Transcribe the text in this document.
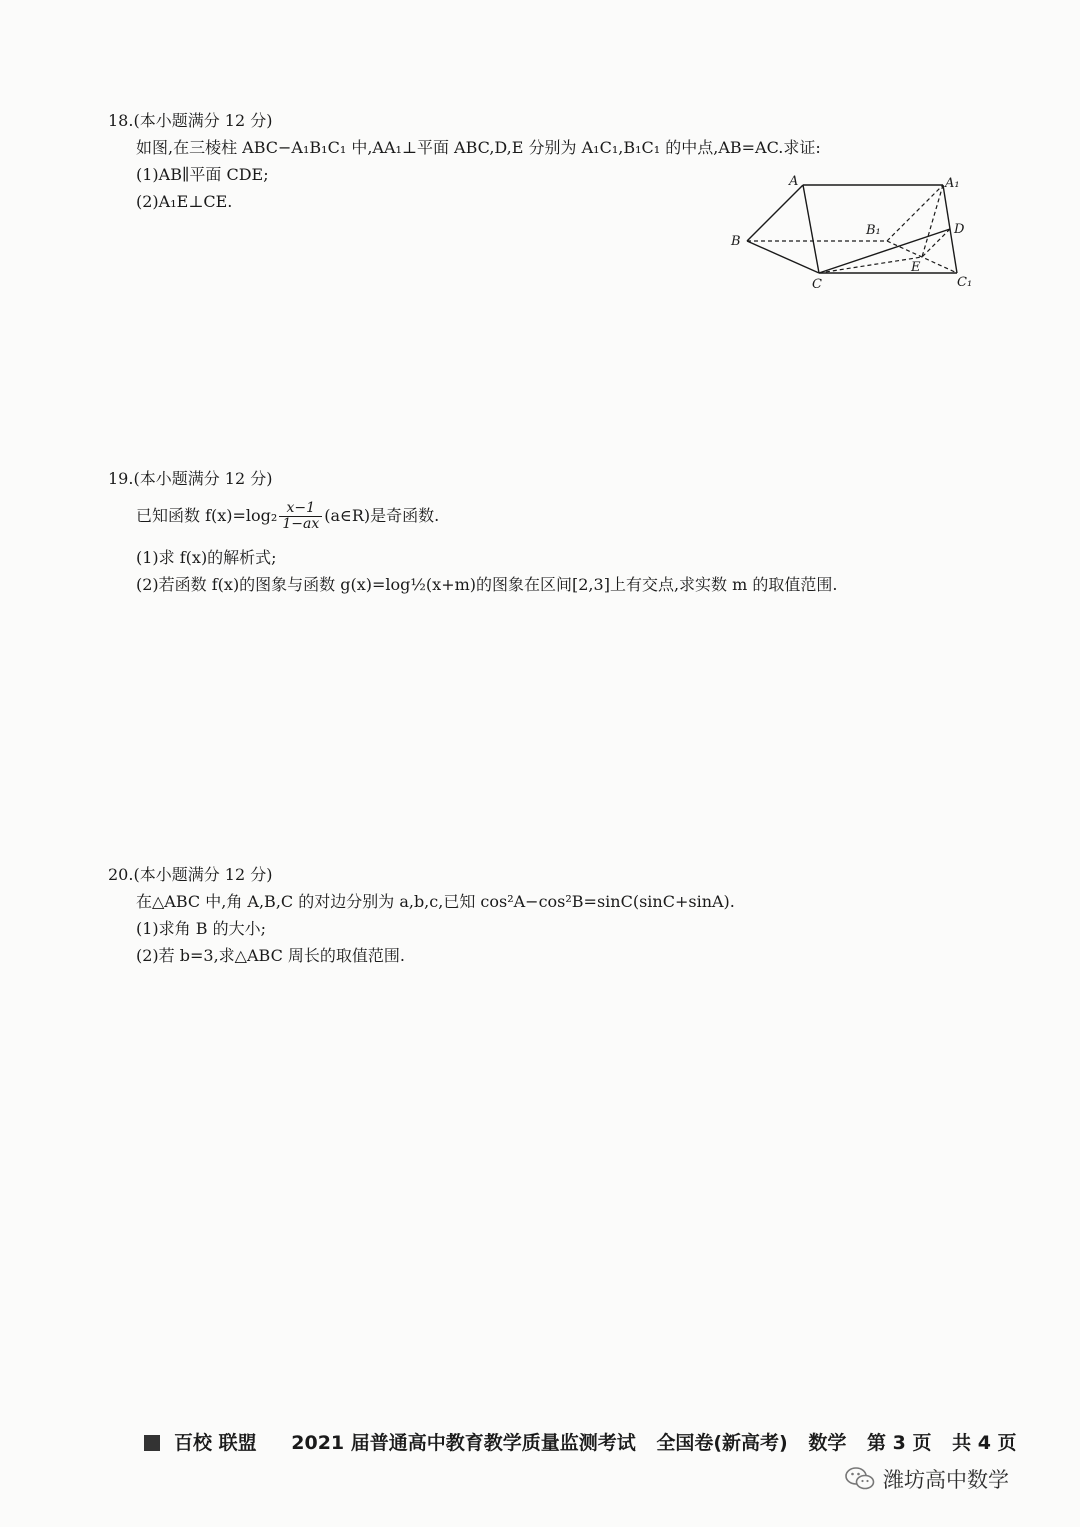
18.(本小题满分 12 分)
如图,在三棱柱 ABC−A₁B₁C₁ 中,AA₁⊥平面 ABC,D,E 分别为 A₁C₁,B₁C₁ 的中点,AB=AC.求证:
(1)AB∥平面 CDE;
(2)A₁E⊥CE.
A	A₁
B
B₁
C	C₁
D
E
19.(本小题满分 12 分)
已知函数 $f(x)=\log_2 \frac{x-1}{1-ax}$ (a∈R)是奇函数.
(1)求 f(x)的解析式;
(2)若函数 f(x)的图象与函数 g(x)=log½(x+m)的图象在区间[2,3]上有交点,求实数 m 的取值范围.
20.(本小题满分 12 分)
在△ABC 中,角 A,B,C 的对边分别为 a,b,c,已知 cos²A−cos²B=sinC(sinC+sinA).
(1)求角 B 的大小;
(2)若 b=3,求△ABC 周长的取值范围.
百校 联盟 2021 届普通高中教育教学质量监测考试 全国卷(新高考) 数学 第 3 页 共 4 页
潍坊高中数学
